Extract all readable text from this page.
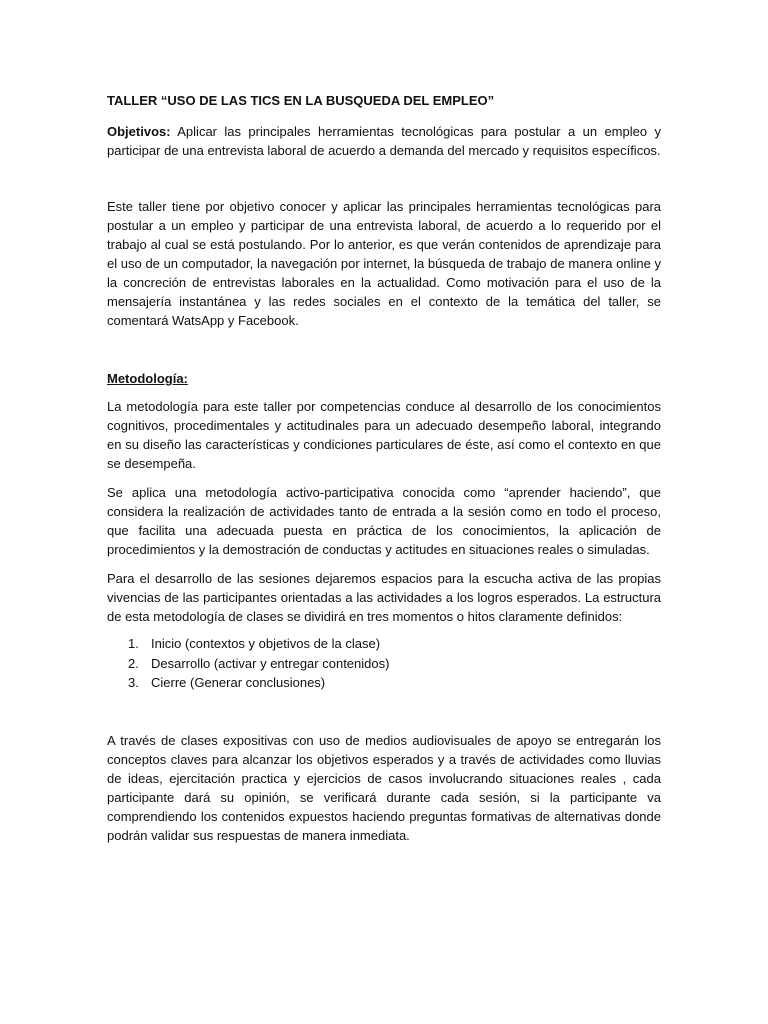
TALLER “USO DE LAS TICS EN LA BUSQUEDA DEL EMPLEO”
Objetivos: Aplicar las principales herramientas tecnológicas para postular a un empleo y participar de una entrevista laboral de acuerdo a demanda del mercado y requisitos específicos.
Este taller tiene por objetivo conocer y aplicar las principales herramientas tecnológicas para postular a un empleo y participar de una entrevista laboral, de acuerdo a lo requerido por el trabajo al cual se está postulando. Por lo anterior, es que verán contenidos de aprendizaje para el uso de un computador, la navegación por internet, la búsqueda de trabajo de manera online y la concreción de entrevistas laborales en la actualidad. Como motivación para el uso de la mensajería instantánea y las redes sociales en el contexto de la temática del taller, se comentará WatsApp y Facebook.
Metodología:
La metodología para este taller por competencias conduce al desarrollo de los conocimientos cognitivos, procedimentales y actitudinales para un adecuado desempeño laboral, integrando en su diseño las características y condiciones particulares de éste, así como el contexto en que se desempeña.
Se aplica una metodología activo-participativa conocida como “aprender haciendo”, que considera la realización de actividades tanto de entrada a la sesión como en todo el proceso, que facilita una adecuada puesta en práctica de los conocimientos, la aplicación de procedimientos y la demostración de conductas y actitudes en situaciones reales o simuladas.
Para el desarrollo de las sesiones dejaremos espacios para la escucha activa de las propias vivencias de las participantes orientadas a las actividades a los logros esperados. La estructura de esta metodología de clases se dividirá en tres momentos o hitos claramente definidos:
1. Inicio (contextos y objetivos de la clase)
2. Desarrollo (activar y entregar contenidos)
3. Cierre (Generar conclusiones)
A través de clases expositivas con uso de medios audiovisuales de apoyo se entregarán los conceptos claves para alcanzar los objetivos esperados y a través de actividades como lluvias de ideas, ejercitación practica y ejercicios de casos involucrando situaciones reales , cada participante dará su opinión, se verificará durante cada sesión, si la participante va comprendiendo los contenidos expuestos haciendo preguntas formativas de alternativas donde podrán validar sus respuestas de manera inmediata.
